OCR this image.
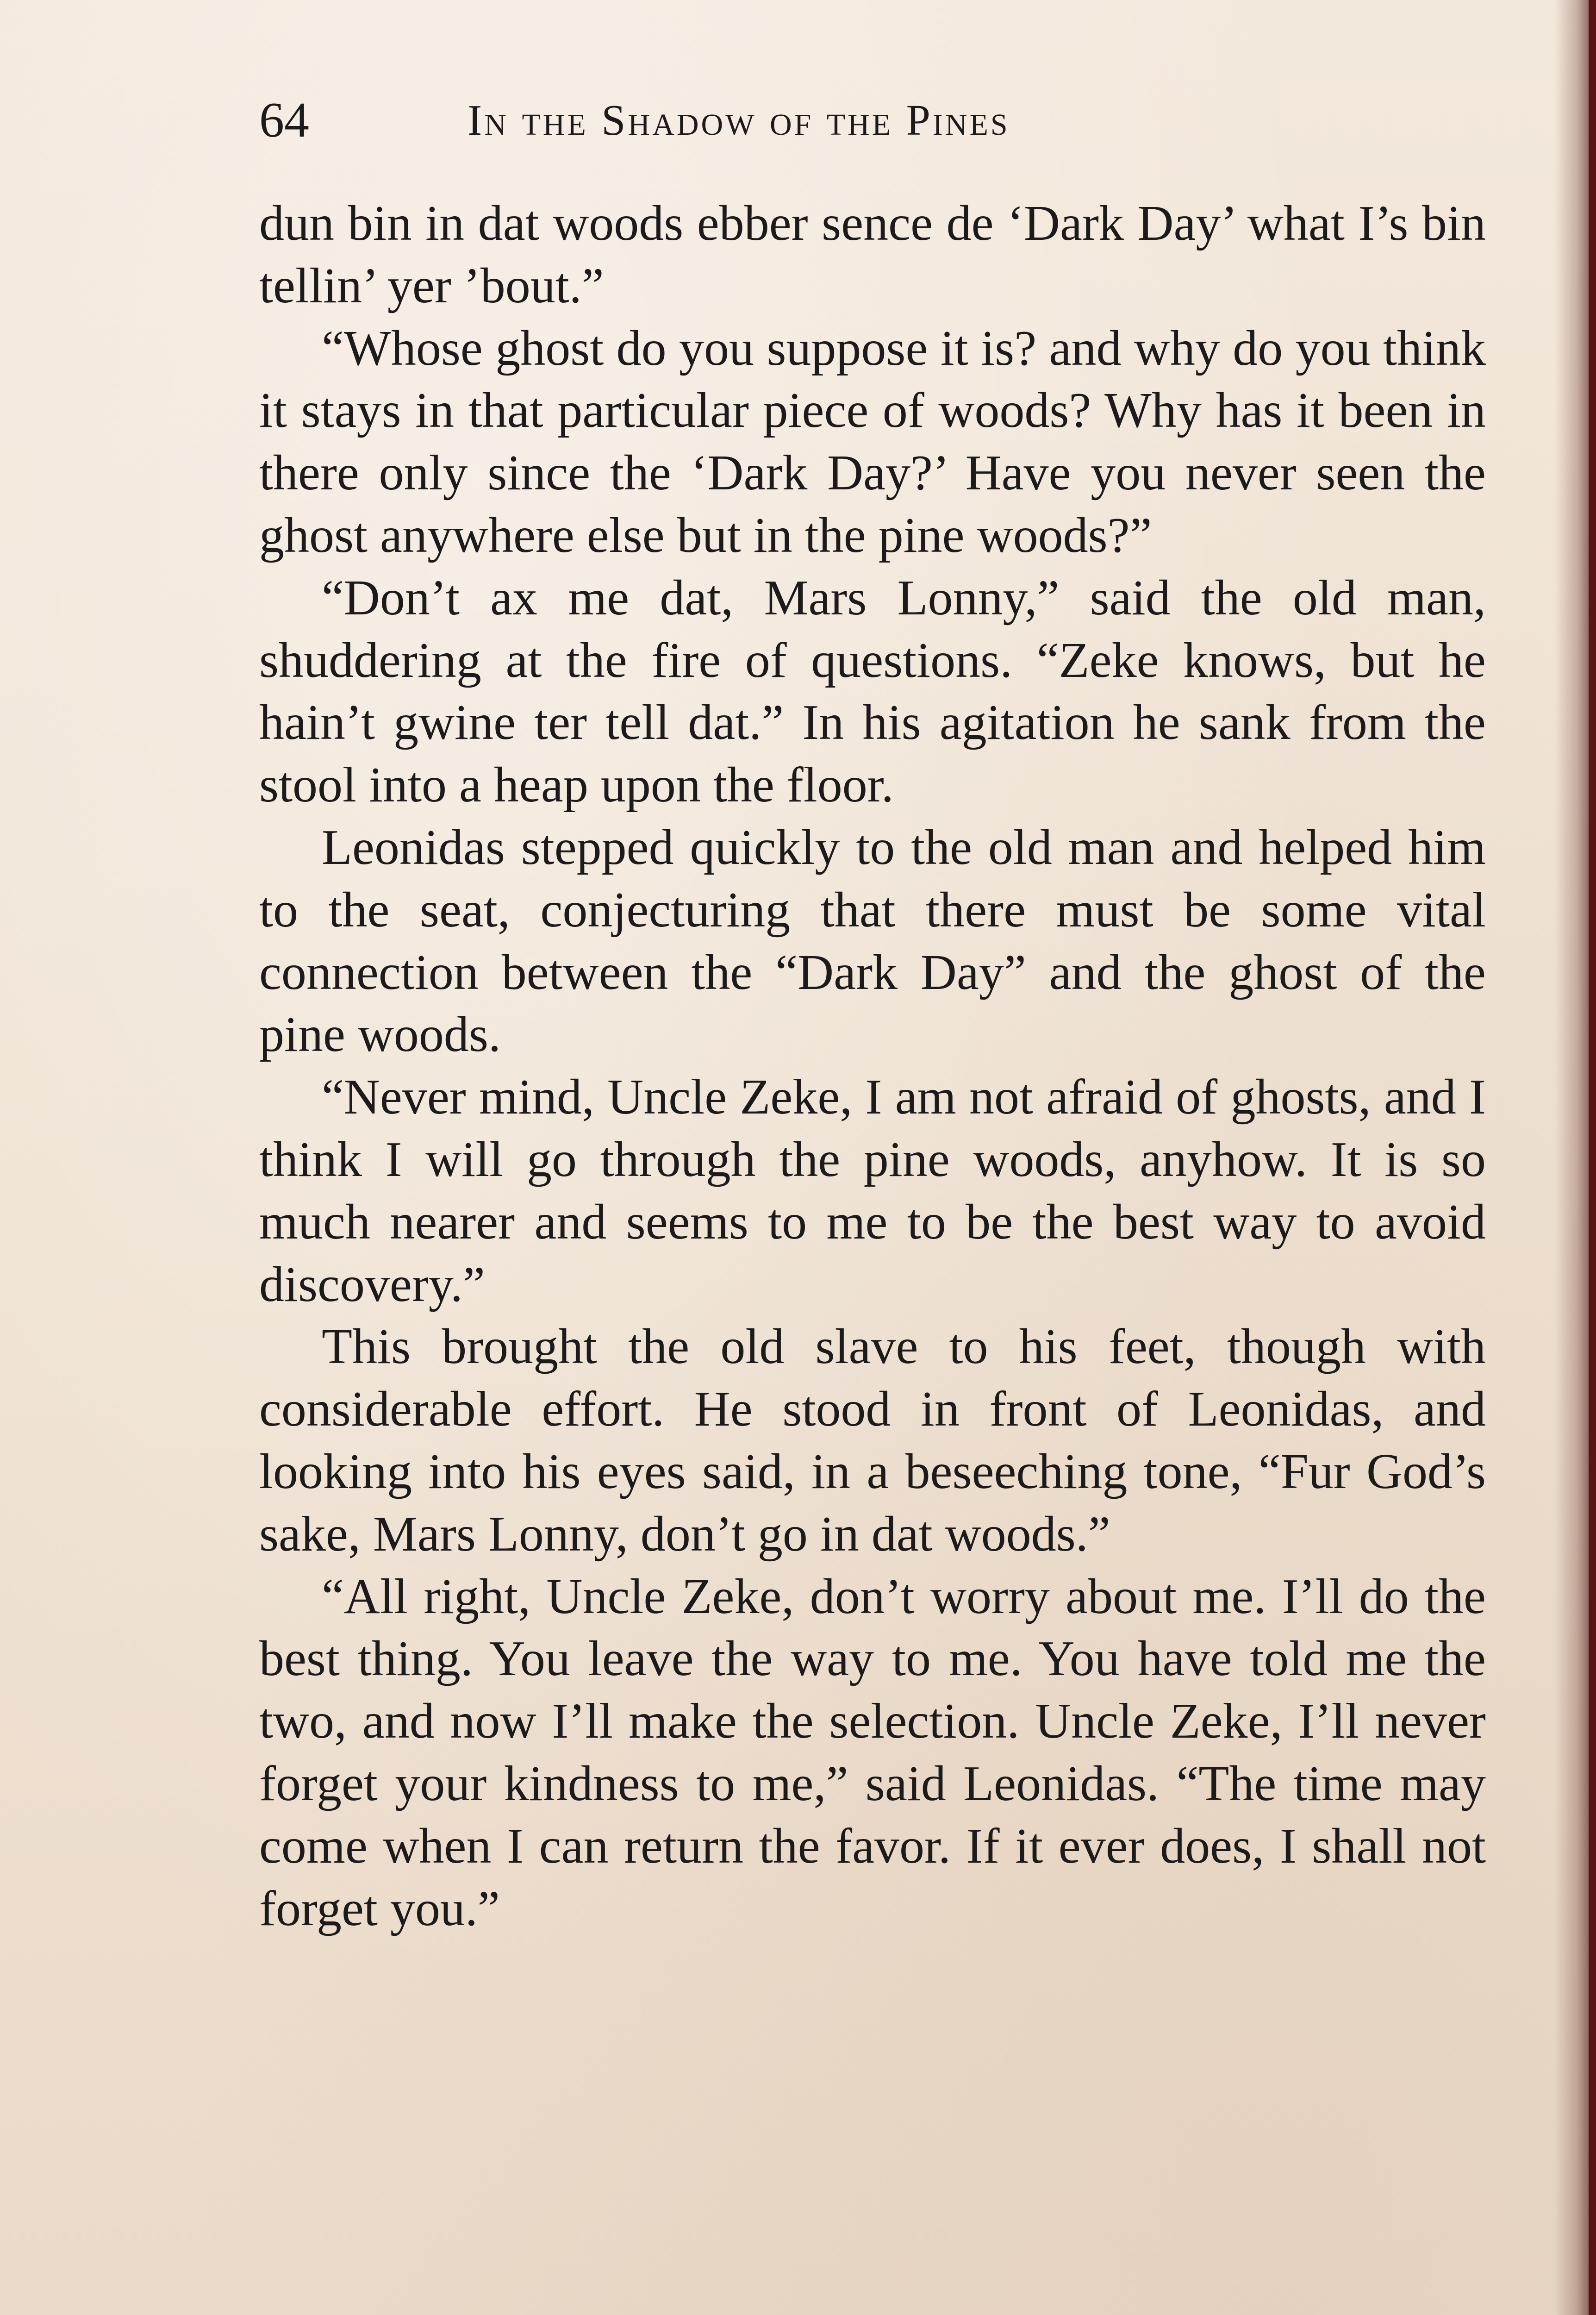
64	In the Shadow of the Pines

dun bin in dat woods ebber sence de ‘Dark Day’ what I’s bin tellin’ yer ’bout.”

“Whose ghost do you suppose it is? and why do you think it stays in that particular piece of woods? Why has it been in there only since the ‘Dark Day?’ Have you never seen the ghost anywhere else but in the pine woods?”

“Don’t ax me dat, Mars Lonny,” said the old man, shuddering at the fire of questions. “Zeke knows, but he hain’t gwine ter tell dat.” In his agitation he sank from the stool into a heap upon the floor.

Leonidas stepped quickly to the old man and helped him to the seat, conjecturing that there must be some vital connection between the “Dark Day” and the ghost of the pine woods.

“Never mind, Uncle Zeke, I am not afraid of ghosts, and I think I will go through the pine woods, anyhow. It is so much nearer and seems to me to be the best way to avoid discovery.”

This brought the old slave to his feet, though with considerable effort. He stood in front of Leonidas, and looking into his eyes said, in a beseeching tone, “Fur God’s sake, Mars Lonny, don’t go in dat woods.”

“All right, Uncle Zeke, don’t worry about me. I’ll do the best thing. You leave the way to me. You have told me the two, and now I’ll make the selection. Uncle Zeke, I’ll never forget your kindness to me,” said Leonidas. “The time may come when I can return the favor. If it ever does, I shall not forget you.”
